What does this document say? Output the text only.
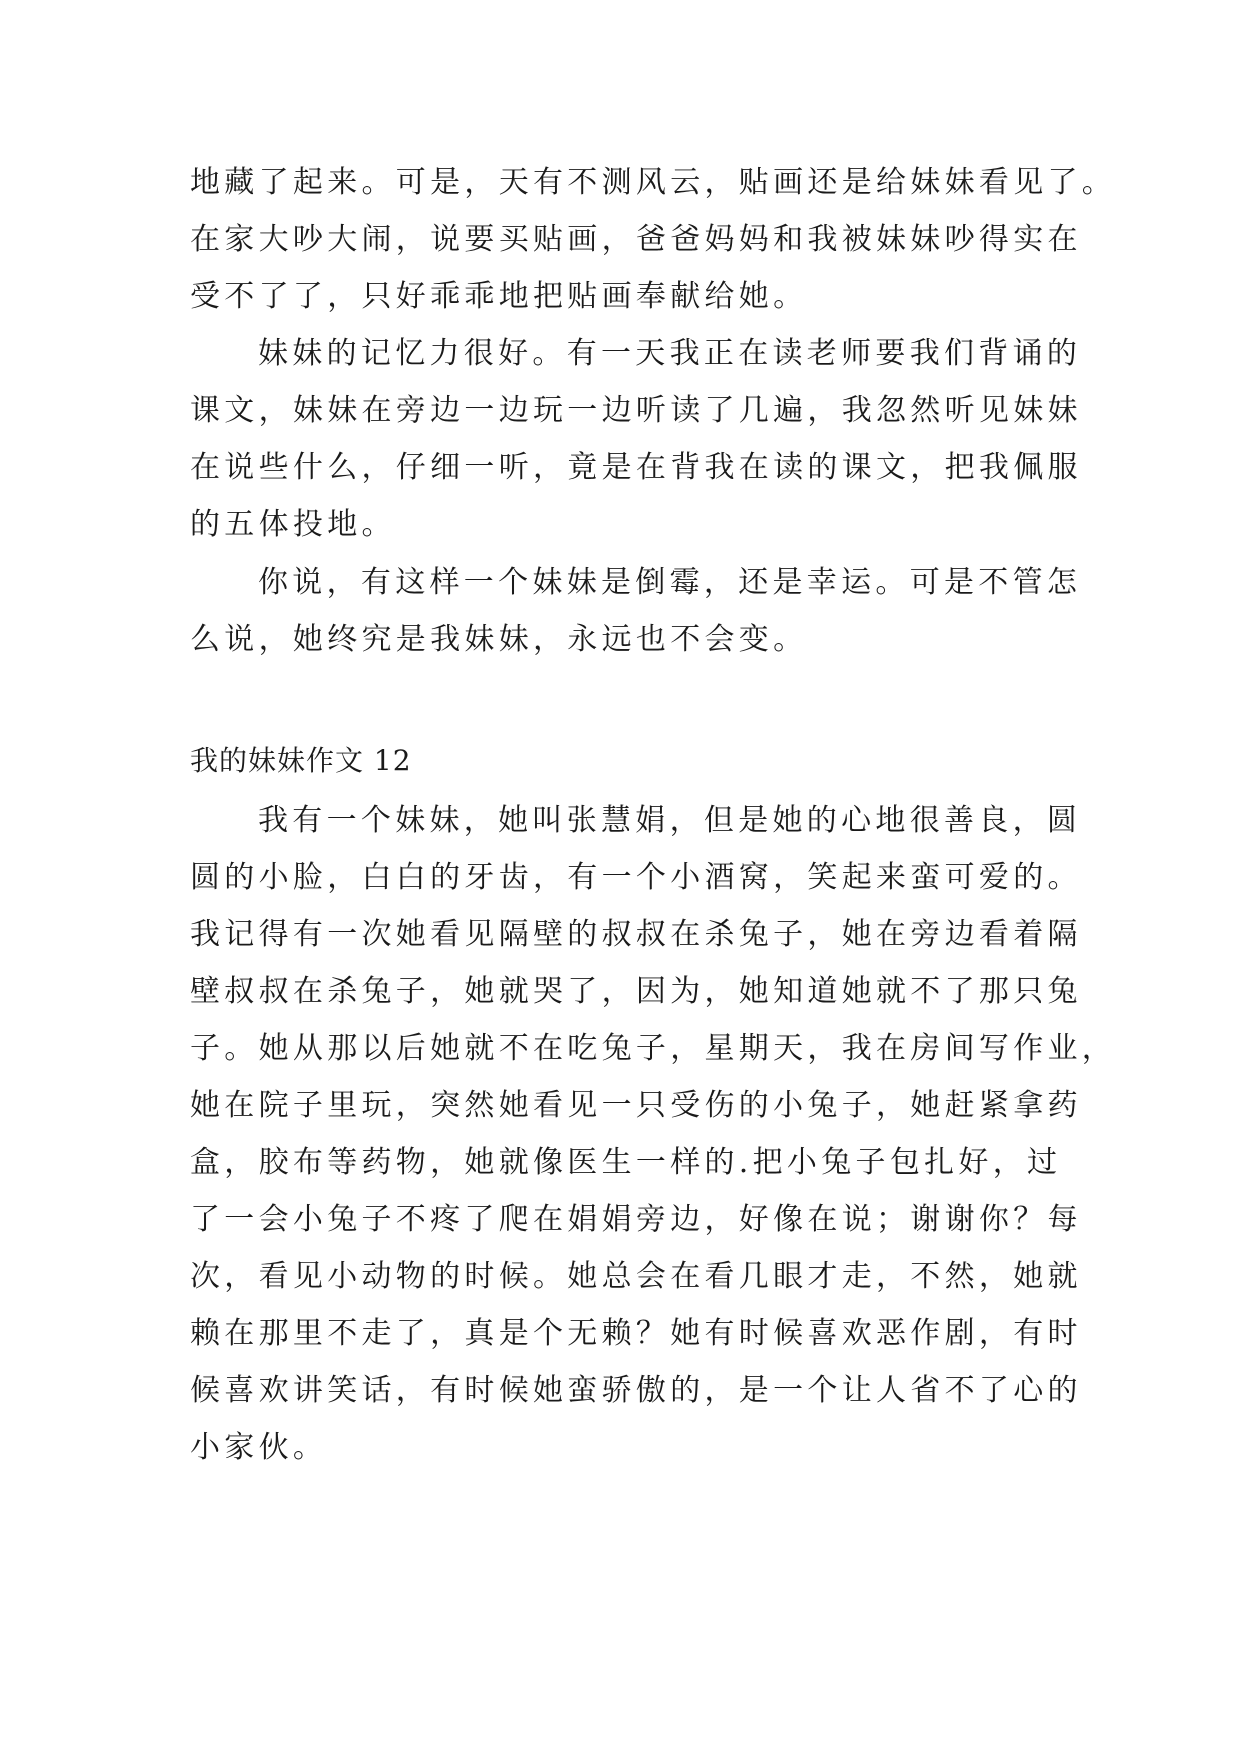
地藏了起来。可是，天有不测风云，贴画还是给妹妹看见了。
在家大吵大闹，说要买贴画，爸爸妈妈和我被妹妹吵得实在
受不了了，只好乖乖地把贴画奉献给她。
妹妹的记忆力很好。有一天我正在读老师要我们背诵的
课文，妹妹在旁边一边玩一边听读了几遍，我忽然听见妹妹
在说些什么，仔细一听，竟是在背我在读的课文，把我佩服
的五体投地。
你说，有这样一个妹妹是倒霉，还是幸运。可是不管怎
么说，她终究是我妹妹，永远也不会变。
我的妹妹作文 12
我有一个妹妹，她叫张慧娟，但是她的心地很善良，圆
圆的小脸，白白的牙齿，有一个小酒窝，笑起来蛮可爱的。
我记得有一次她看见隔壁的叔叔在杀兔子，她在旁边看着隔
壁叔叔在杀兔子，她就哭了，因为，她知道她就不了那只兔
子。她从那以后她就不在吃兔子，星期天，我在房间写作业，
她在院子里玩，突然她看见一只受伤的小兔子，她赶紧拿药
盒，胶布等药物，她就像医生一样的.把小兔子包扎好，过
了一会小兔子不疼了爬在娟娟旁边，好像在说；谢谢你？每
次，看见小动物的时候。她总会在看几眼才走，不然，她就
赖在那里不走了，真是个无赖？她有时候喜欢恶作剧，有时
候喜欢讲笑话，有时候她蛮骄傲的，是一个让人省不了心的
小家伙。
